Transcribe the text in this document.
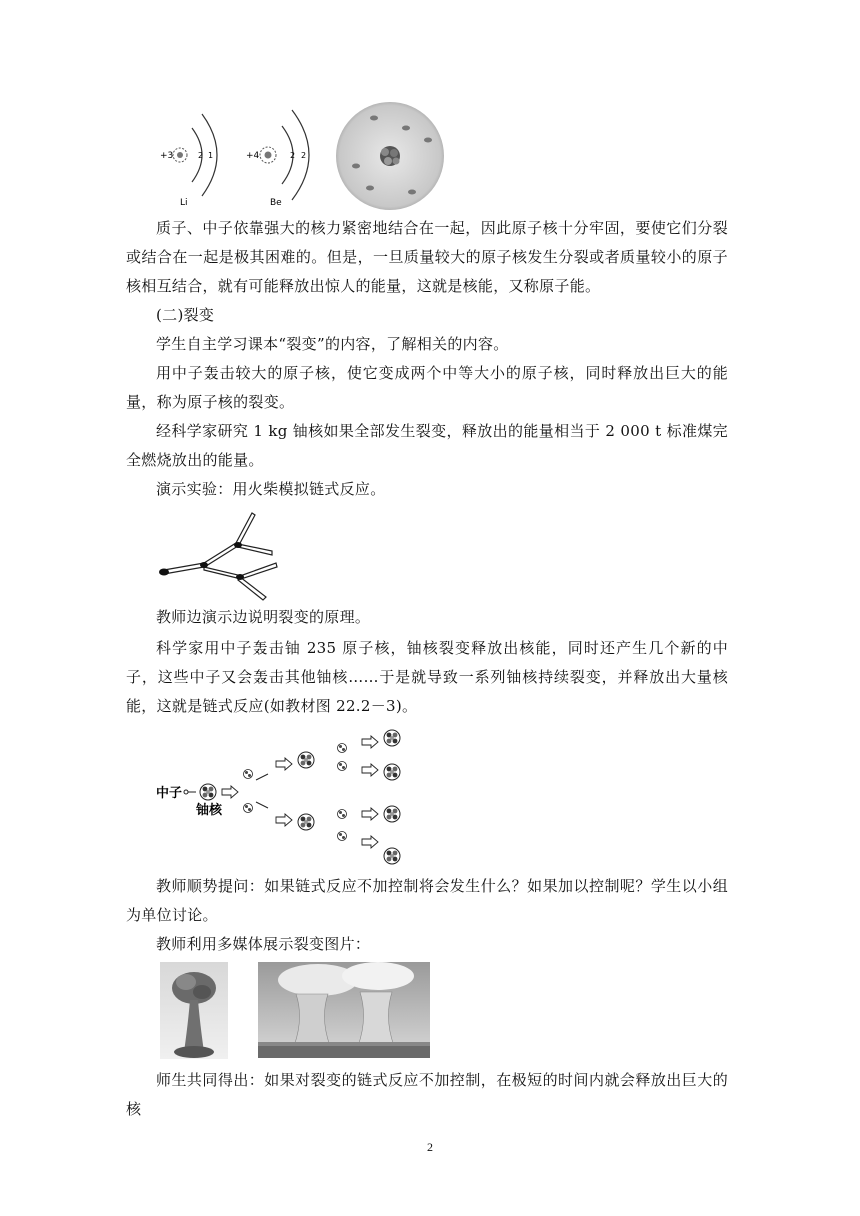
+3	2 1
Li
+4	2 2
Be

质子、中子依靠强大的核力紧密地结合在一起，因此原子核十分牢固，要使它们分裂或结合在一起是极其困难的。但是，一旦质量较大的原子核发生分裂或者质量较小的原子核相互结合，就有可能释放出惊人的能量，这就是核能，又称原子能。

(二)裂变

学生自主学习课本“裂变”的内容，了解相关的内容。

用中子轰击较大的原子核，使它变成两个中等大小的原子核，同时释放出巨大的能量，称为原子核的裂变。

经科学家研究 1 kg 铀核如果全部发生裂变，释放出的能量相当于 2 000 t 标准煤完全燃烧放出的能量。

演示实验：用火柴模拟链式反应。

教师边演示边说明裂变的原理。

科学家用中子轰击铀 235 原子核，铀核裂变释放出核能，同时还产生几个新的中子，这些中子又会轰击其他铀核……于是就导致一系列铀核持续裂变，并释放出大量核能，这就是链式反应(如教材图 22.2－3)。

中子
铀核

教师顺势提问：如果链式反应不加控制将会发生什么？如果加以控制呢？学生以小组为单位讨论。

教师利用多媒体展示裂变图片：

师生共同得出：如果对裂变的链式反应不加控制，在极短的时间内就会释放出巨大的核

2
